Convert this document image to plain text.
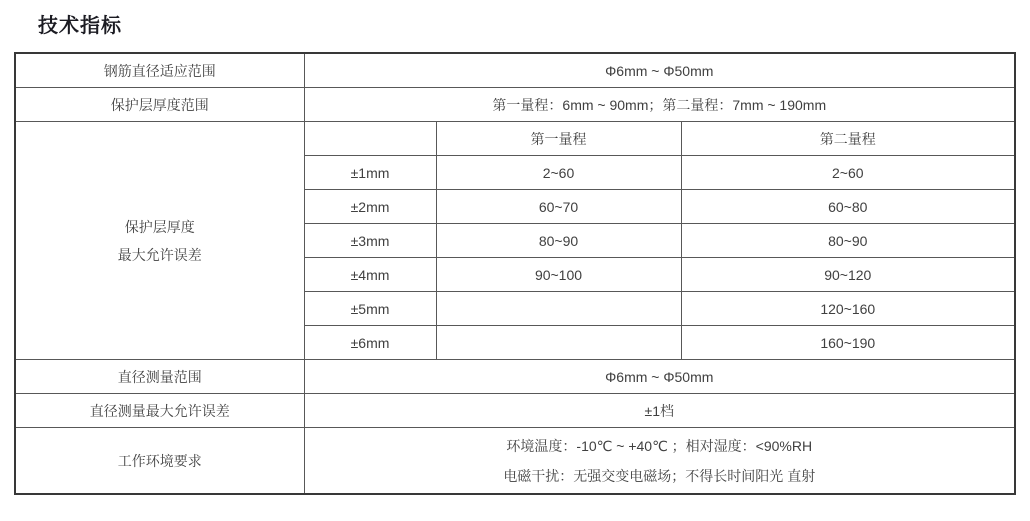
技术指标
钢筋直径适应范围	Φ6mm ~ Φ50mm		
保护层厚度范围	第一量程：6mm ~ 90mm；第二量程：7mm ~ 190mm		

保护层厚度
最大允许误差		第一量程	第二量程
	±1mm	2~60	2~60
	±2mm	60~70	60~80
	±3mm	80~90	80~90
	±4mm	90~100	90~120
	±5mm		120~160
	±6mm		160~190
直径测量范围	Φ6mm ~ Φ50mm		
直径测量最大允许误差	±1档		
工作环境要求	环境温度：-10℃ ~ +40℃ ；相对湿度：<90%RH
电磁干扰：无强交变电磁场；不得长时间阳光 直射		
